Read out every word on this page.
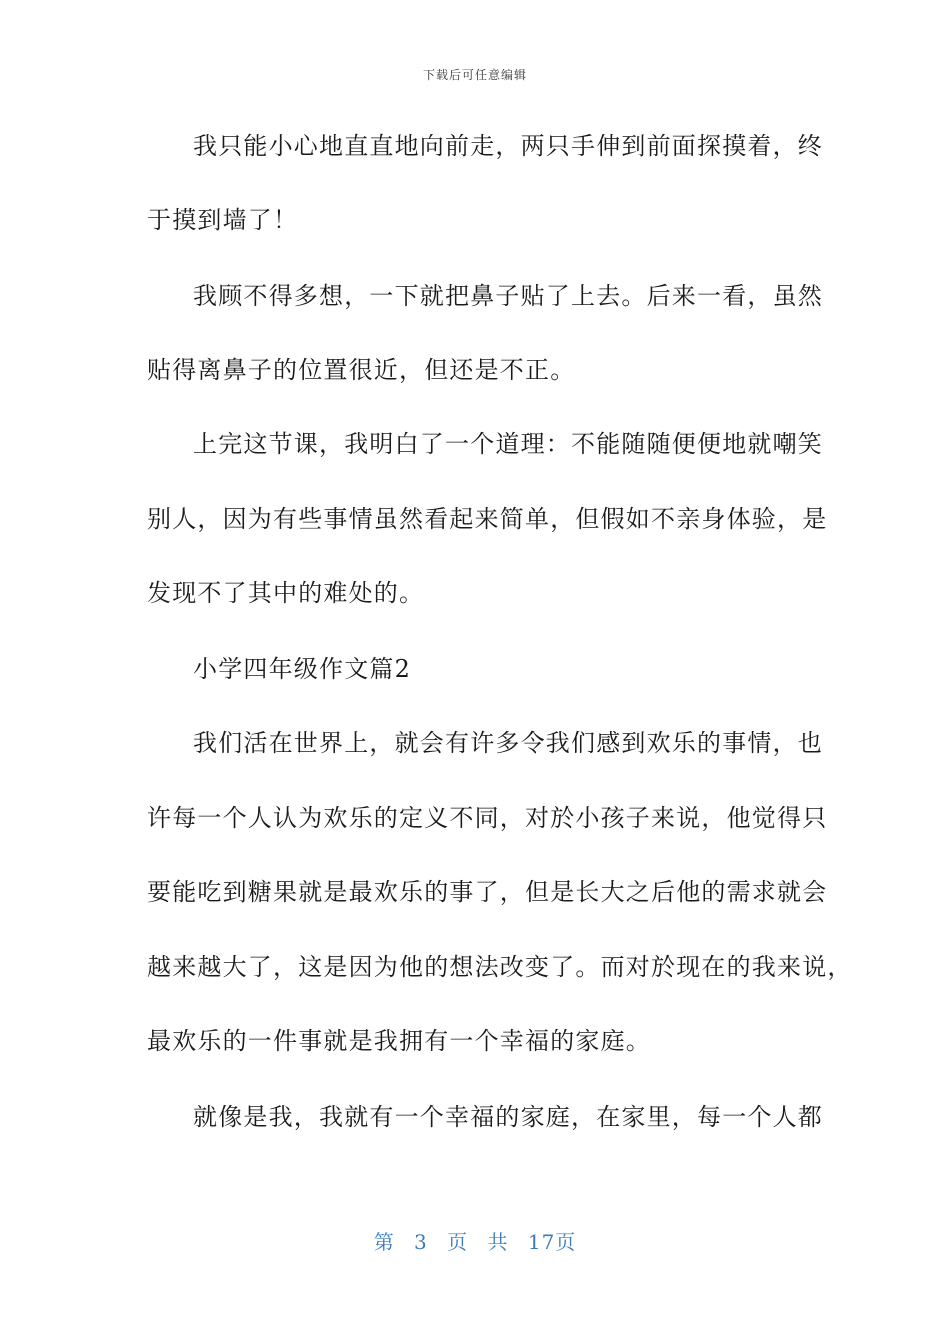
下载后可任意编辑
我只能小心地直直地向前走，两只手伸到前面探摸着，终
于摸到墙了！
我顾不得多想，一下就把鼻子贴了上去。后来一看，虽然
贴得离鼻子的位置很近，但还是不正。
上完这节课，我明白了一个道理：不能随随便便地就嘲笑
别人，因为有些事情虽然看起来简单，但假如不亲身体验，是
发现不了其中的难处的。
小学四年级作文篇2
我们活在世界上，就会有许多令我们感到欢乐的事情，也
许每一个人认为欢乐的定义不同，对於小孩子来说，他觉得只
要能吃到糖果就是最欢乐的事了，但是长大之后他的需求就会
越来越大了，这是因为他的想法改变了。而对於现在的我来说，
最欢乐的一件事就是我拥有一个幸福的家庭。
就像是我，我就有一个幸福的家庭，在家里，每一个人都
第 3 页 共 17页
